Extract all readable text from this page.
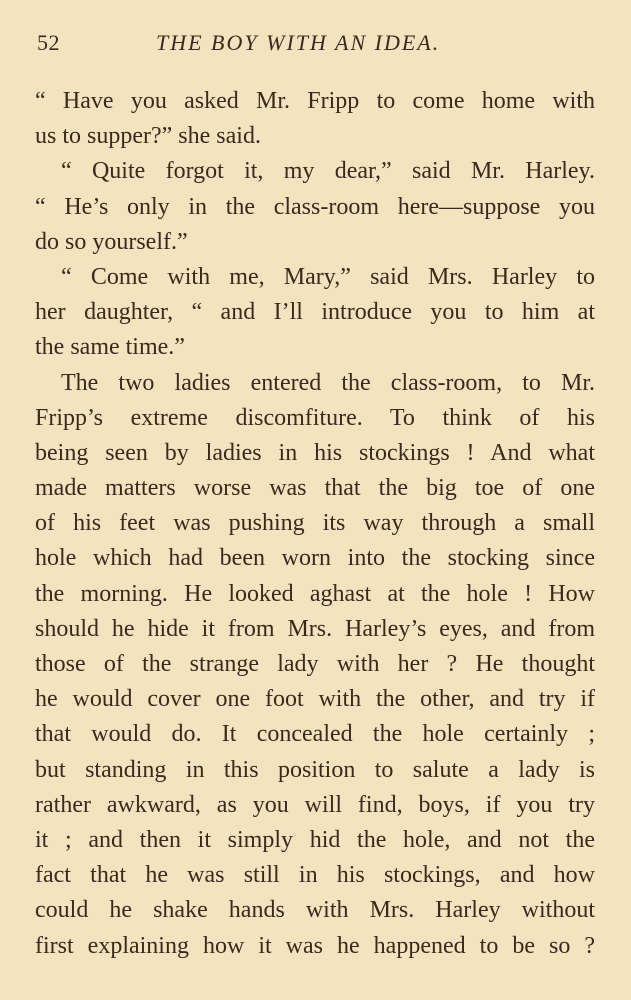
52	THE BOY WITH AN IDEA.
“ Have you asked Mr. Fripp to come home with
us to supper?” she said.
“ Quite forgot it, my dear,” said Mr. Harley.
“ He’s only in the class-room here—suppose you
do so yourself.”
“ Come with me, Mary,” said Mrs. Harley to
her daughter, “ and I’ll introduce you to him at
the same time.”
The two ladies entered the class-room, to Mr.
Fripp’s extreme discomfiture. To think of his
being seen by ladies in his stockings ! And what
made matters worse was that the big toe of one
of his feet was pushing its way through a small
hole which had been worn into the stocking since
the morning. He looked aghast at the hole ! How
should he hide it from Mrs. Harley’s eyes, and from
those of the strange lady with her ? He thought
he would cover one foot with the other, and try if
that would do. It concealed the hole certainly ;
but standing in this position to salute a lady is
rather awkward, as you will find, boys, if you try
it ; and then it simply hid the hole, and not the
fact that he was still in his stockings, and how
could he shake hands with Mrs. Harley without
first explaining how it was he happened to be so ?
